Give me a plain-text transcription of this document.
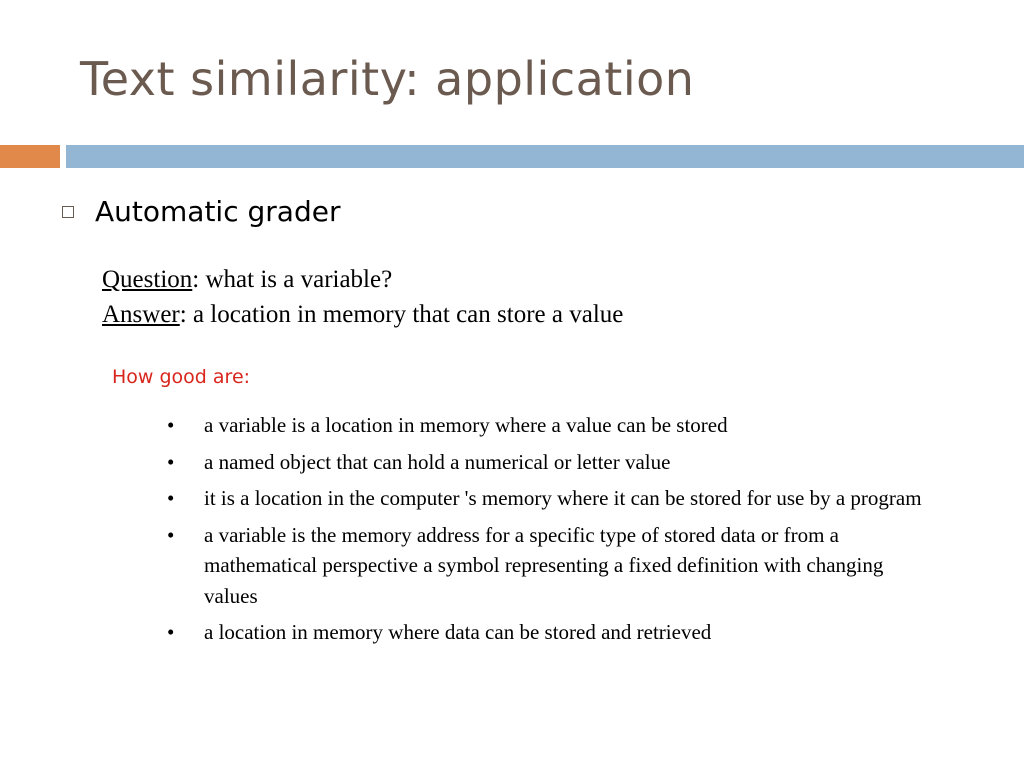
Text similarity: application
Automatic grader
Question: what is a variable?
Answer: a location in memory that can store a value
How good are:
• a variable is a location in memory where a value can be stored
• a named object that can hold a numerical or letter value
• it is a location in the computer 's memory where it can be stored for use by a program
• a variable is the memory address for a specific type of stored data or from a mathematical perspective a symbol representing a fixed definition with changing values
• a location in memory where data can be stored and retrieved
